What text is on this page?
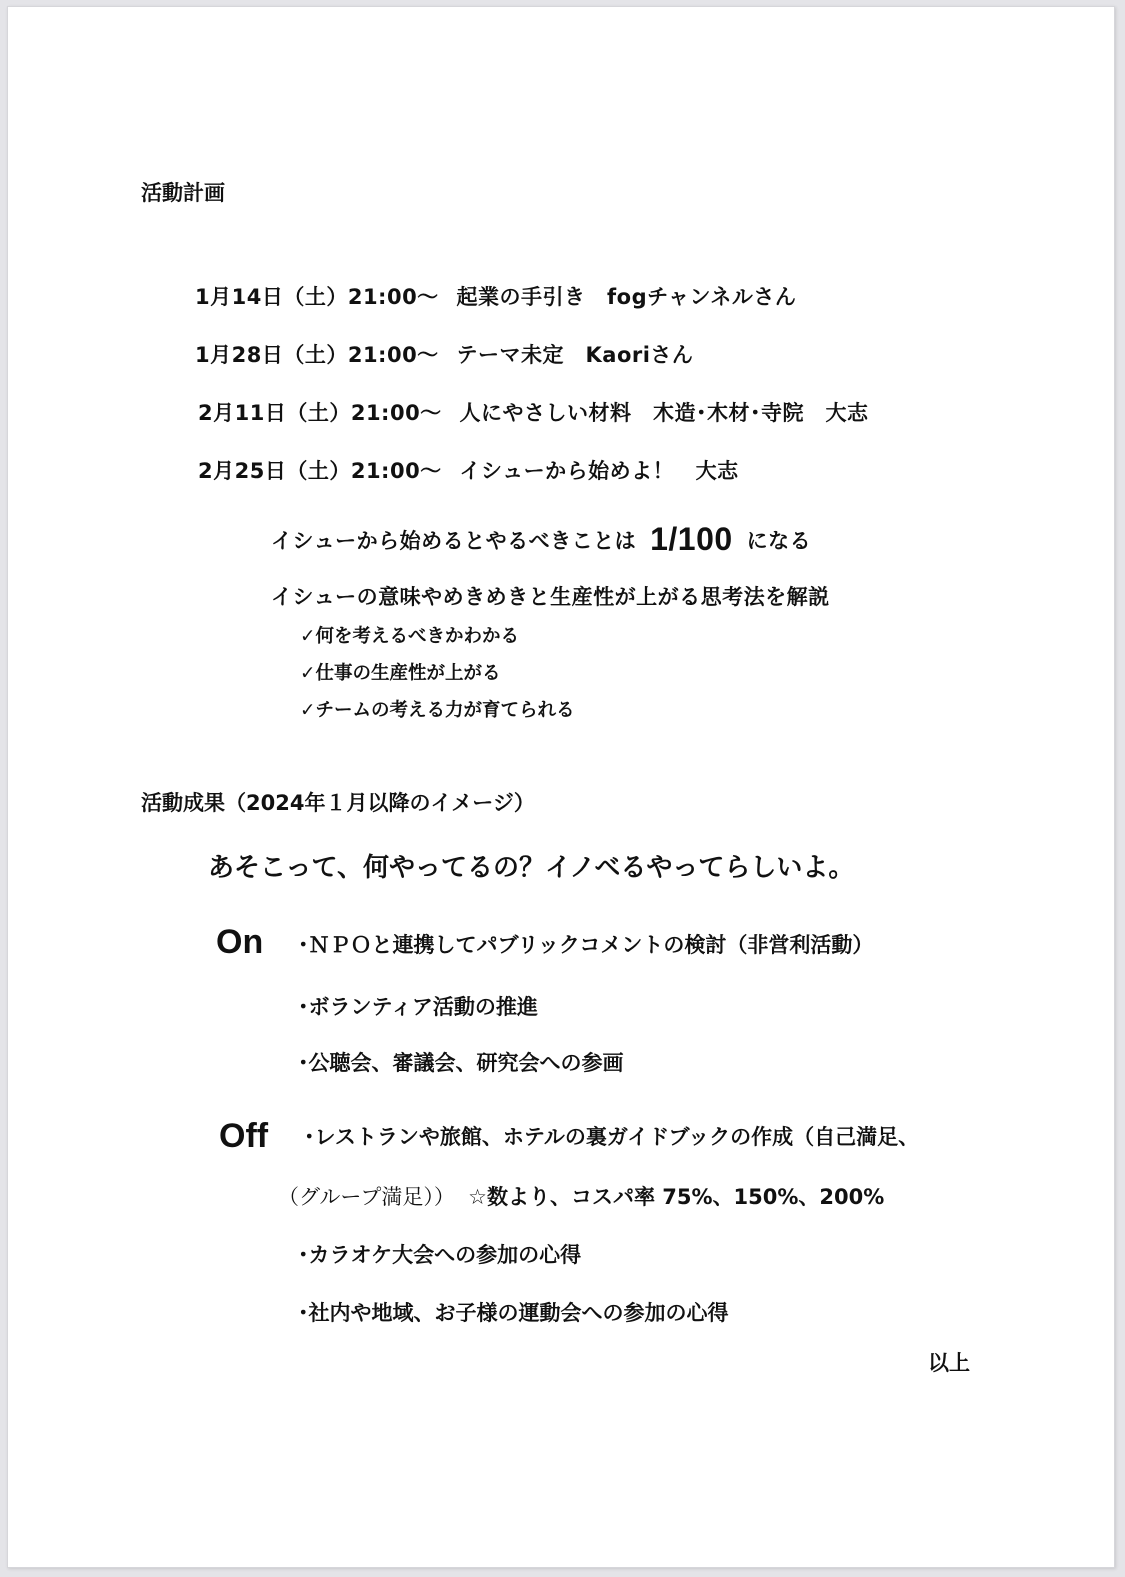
活動計画
1月14日（土）21:00～ 起業の手引き　fogチャンネルさん
1月28日（土）21:00～ テーマ未定　Kaoriさん
2月11日（土）21:00～ 人にやさしい材料　木造･木材･寺院　大志
2月25日（土）21:00～ イシューから始めよ！　大志
イシューから始めるとやるべきことは 1/100 になる
イシューの意味やめきめきと生産性が上がる思考法を解説
✓何を考えるべきかわかる
✓仕事の生産性が上がる
✓チームの考える力が育てられる
活動成果（2024年１月以降のイメージ）
あそこって、何やってるの？イノベるやってらしいよ。
On ･ＮＰＯと連携してパブリックコメントの検討（非営利活動）
･ボランティア活動の推進
･公聴会、審議会、研究会への参画
Off ･レストランや旅館、ホテルの裏ガイドブックの作成（自己満足、
（グループ満足）） ☆数より、コスパ率 75%、150%、200%
･カラオケ大会への参加の心得
･社内や地域、お子様の運動会への参加の心得
以上
